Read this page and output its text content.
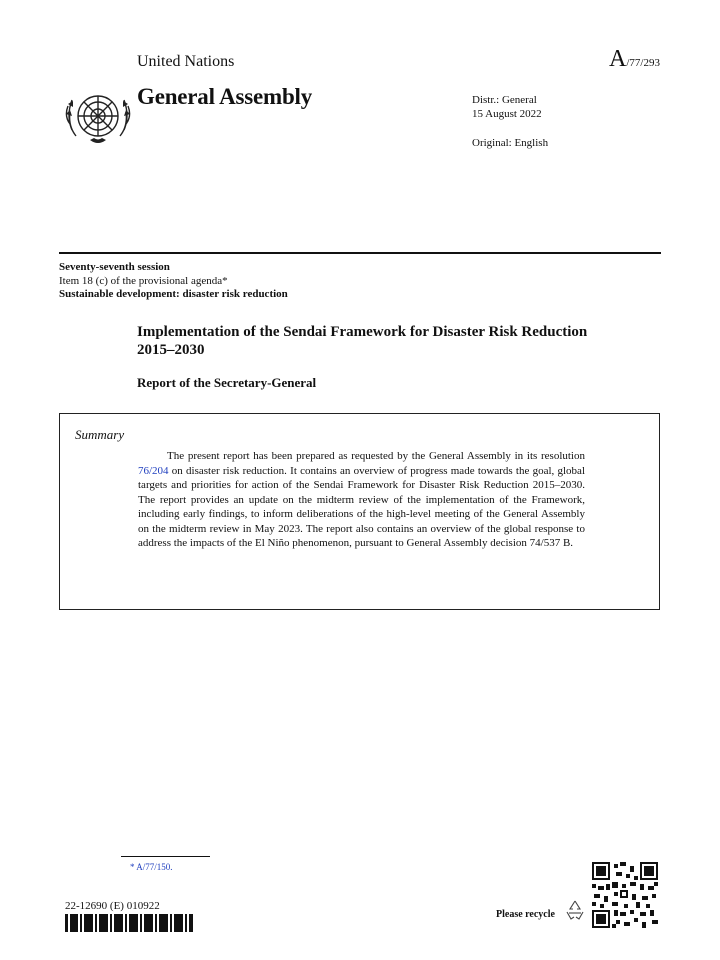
United Nations	A/77/293
General Assembly	Distr.: General
15 August 2022
Original: English
Seventy-seventh session
Item 18 (c) of the provisional agenda*
Sustainable development: disaster risk reduction
Implementation of the Sendai Framework for Disaster Risk Reduction 2015–2030
Report of the Secretary-General
Summary
The present report has been prepared as requested by the General Assembly in its resolution 76/204 on disaster risk reduction. It contains an overview of progress made towards the goal, global targets and priorities for action of the Sendai Framework for Disaster Risk Reduction 2015–2030. The report provides an update on the midterm review of the implementation of the Framework, including early findings, to inform deliberations of the high-level meeting of the General Assembly on the midterm review in May 2023. The report also contains an overview of the global response to address the impacts of the El Niño phenomenon, pursuant to General Assembly decision 74/537 B.
* A/77/150.
22-12690 (E) 010922
Please recycle
